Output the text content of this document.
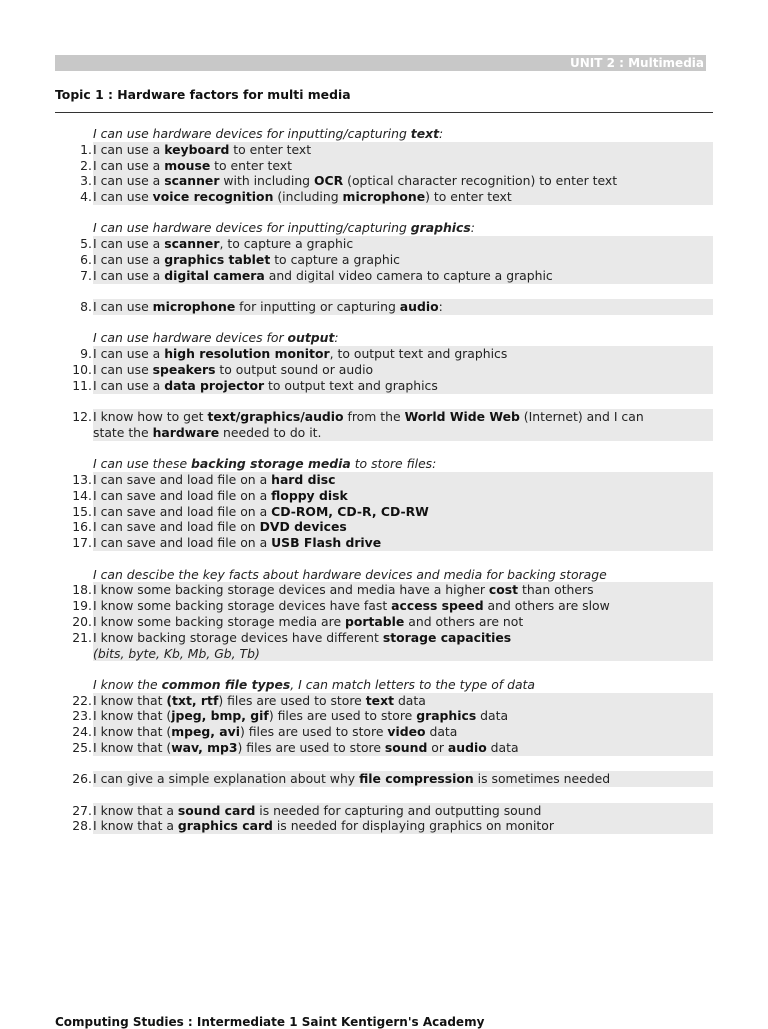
UNIT 2 : Multimedia
Topic 1 : Hardware factors for multi media
I can use hardware devices for inputting/capturing text:
1. I can use a keyboard to enter text
2. I can use a mouse to enter text
3. I can use a scanner with including OCR (optical character recognition) to enter text
4. I can use voice recognition (including microphone) to enter text
I can use hardware devices for inputting/capturing graphics:
5. I can use a scanner, to capture a graphic
6. I can use a graphics tablet to capture a graphic
7. I can use a digital camera and digital video camera to capture a graphic
8. I can use microphone for inputting or capturing audio:
I can use hardware devices for output:
9. I can use a high resolution monitor, to output text and graphics
10. I can use speakers to output sound or audio
11. I can use a data projector to output text and graphics
12. I know how to get text/graphics/audio from the World Wide Web (Internet) and I can
state the hardware needed to do it.
I can use these backing storage media to store files:
13. I can save and load file on a hard disc
14. I can save and load file on a floppy disk
15. I can save and load file on a CD-ROM, CD-R, CD-RW
16. I can save and load file on DVD devices
17. I can save and load file on a USB Flash drive
I can descibe the key facts about hardware devices and media for backing storage
18. I know some backing storage devices and media have a higher cost than others
19. I know some backing storage devices have fast access speed and others are slow
20. I know some backing storage media are portable and others are not
21. I know backing storage devices have different storage capacities
(bits, byte, Kb, Mb, Gb, Tb)
I know the common file types, I can match letters to the type of data
22. I know that (txt, rtf) files are used to store text data
23. I know that (jpeg, bmp, gif) files are used to store graphics data
24. I know that (mpeg, avi) files are used to store video data
25. I know that (wav, mp3) files are used to store sound or audio data
26. I can give a simple explanation about why file compression is sometimes needed
27. I know that a sound card is needed for capturing and outputting sound
28. I know that a graphics card is needed for displaying graphics on monitor
Computing Studies : Intermediate 1 Saint Kentigern's Academy
